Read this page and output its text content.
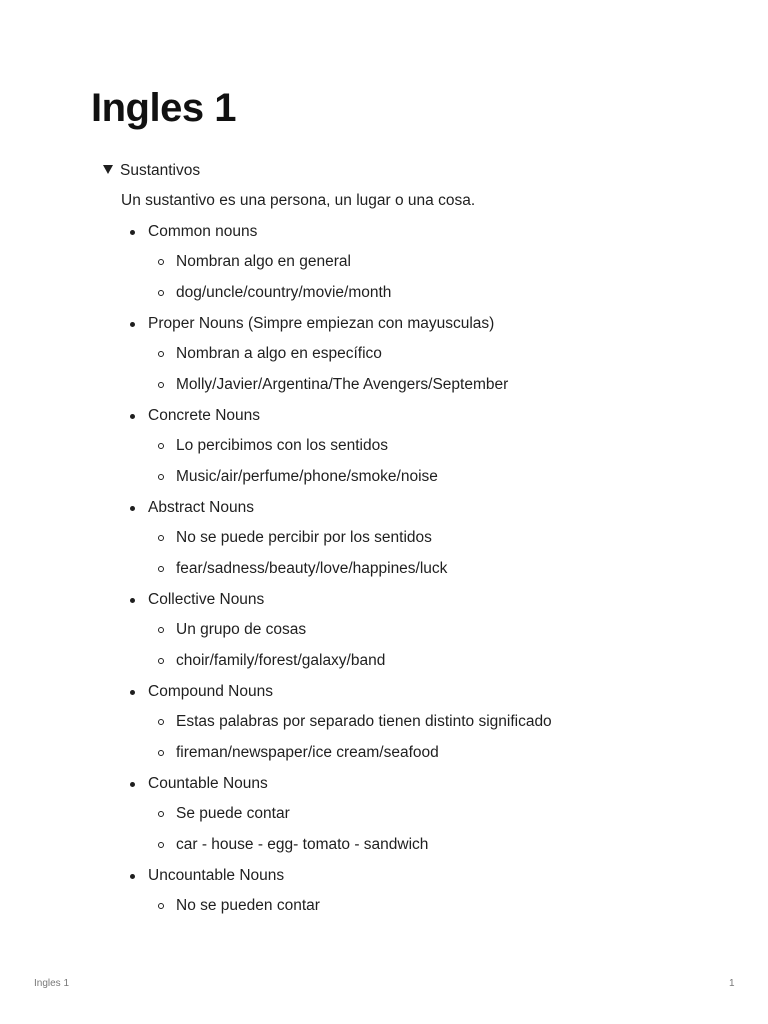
Ingles 1
Sustantivos
Un sustantivo es una persona, un lugar o una cosa.
Common nouns
Nombran algo en general
dog/uncle/country/movie/month
Proper Nouns (Simpre empiezan con mayusculas)
Nombran a algo en específico
Molly/Javier/Argentina/The Avengers/September
Concrete Nouns
Lo percibimos con los sentidos
Music/air/perfume/phone/smoke/noise
Abstract Nouns
No se puede percibir por los sentidos
fear/sadness/beauty/love/happines/luck
Collective Nouns
Un grupo de cosas
choir/family/forest/galaxy/band
Compound Nouns
Estas palabras por separado tienen distinto significado
fireman/newspaper/ice cream/seafood
Countable Nouns
Se puede contar
car - house - egg- tomato - sandwich
Uncountable Nouns
No se pueden contar
Ingles 1	1
